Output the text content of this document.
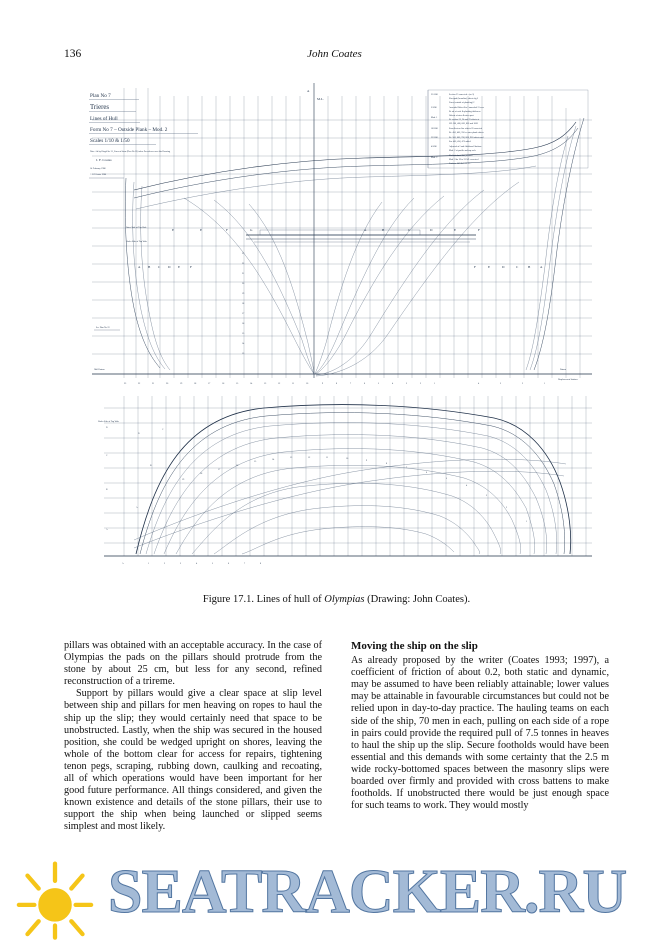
136	John Coates
Plan No 7
Trieres
Lines of Hull
Form No 7 – Outside Plank – Mod. 2
Scales 1/10 & 1/50
Note: Aft by Diagd Ste 21, Lines at Stern (Plan No 22) taken Precedence over this Drawing
J. F. Coates
14 February 1986
© J.F.Coates 1986
25/1/86	Section 25 corrected - (no 3)
Sheerpad (beamline) offsets fig 3
Lines (outside of planking) 2
3/2/86	Amended Offset Sta 2 amended 21 corr.
Re aft of wale & planking thickness
Offsets of stem & stern post
Re section 25, 24 and 23 offsets at
WL 200, 400, 600, 800 and 1000
18/2/86	Stem & stern line offsets 20 corrected
Re. 450, 400, 350 re outer plank offsets
22/2/86	Re. 500, 600, 700, 800, 900 offsets and
Sta. 400, 450, 475 added
4/3/86	Adjusted at I and Additional Stations
Mod. 2 of profile and top wale
Shelf of sheer line, revised
Mod 2 Sta 19 to 23 WL corrected
Stations 18/9 & 1/10 F.C.
Mod. 1
Mod. 2
M.L.
A
Outer Side of Top Wale
Under Side of Top Wale
E	E	F	G	A	B	C	D	E	F
A B C D E	F	F	E	D	C	B	A
23
22
21
20
19
18
17
16
15
14
13
See Plan No 22
Hull Datum	Datum
23	22	21	20	19	18	17	16	15	14	13	12	11	10	9	8	7	6	5	4	3	2	1	4	3	2	1
Displacement Stations
D
C
B
A
D
C
B
A
Under Side of Top Wale
19
18
17
16
15
14
13	12	11	10
9
8
7
6
5
4
3
2
1
A	1	2	3	4	5	6	7	8
Figure 17.1. Lines of hull of Olympias (Drawing: John Coates).

pillars was obtained with an acceptable accuracy. In the case of Olympias the pads on the pillars should protrude from the stone by about 25 cm, but less for any second, refined reconstruction of a trireme.

Support by pillars would give a clear space at slip level between ship and pillars for men heaving on ropes to haul the ship up the slip; they would certainly need that space to be unobstructed. Lastly, when the ship was secured in the housed position, she could be wedged upright on shores, leaving the whole of the bottom clear for access for repairs, tightening tenon pegs, scraping, rubbing down, caulking and recoating, all of which operations would have been important for her good future performance. All things considered, and given the known existence and details of the stone pillars, their use to support the ship when being launched or slipped seems simplest and most likely.

Moving the ship on the slip

As already proposed by the writer (Coates 1993; 1997), a coefficient of friction of about 0.2, both static and dynamic, may be assumed to have been reliably attainable; lower values may be attainable in favourable circumstances but could not be relied upon in day-to-day practice. The hauling teams on each side of the ship, 70 men in each, pulling on each side of a rope in pairs could provide the required pull of 7.5 tonnes in heaves to haul the ship up the slip. Secure footholds would have been essential and this demands with some certainty that the 2.5 m wide rocky-bottomed spaces between the masonry slips were boarded over firmly and provided with cross battens to make footholds. If unobstructed there would be just enough space for such teams to work. They would mostly

SEATRACKER.RU
